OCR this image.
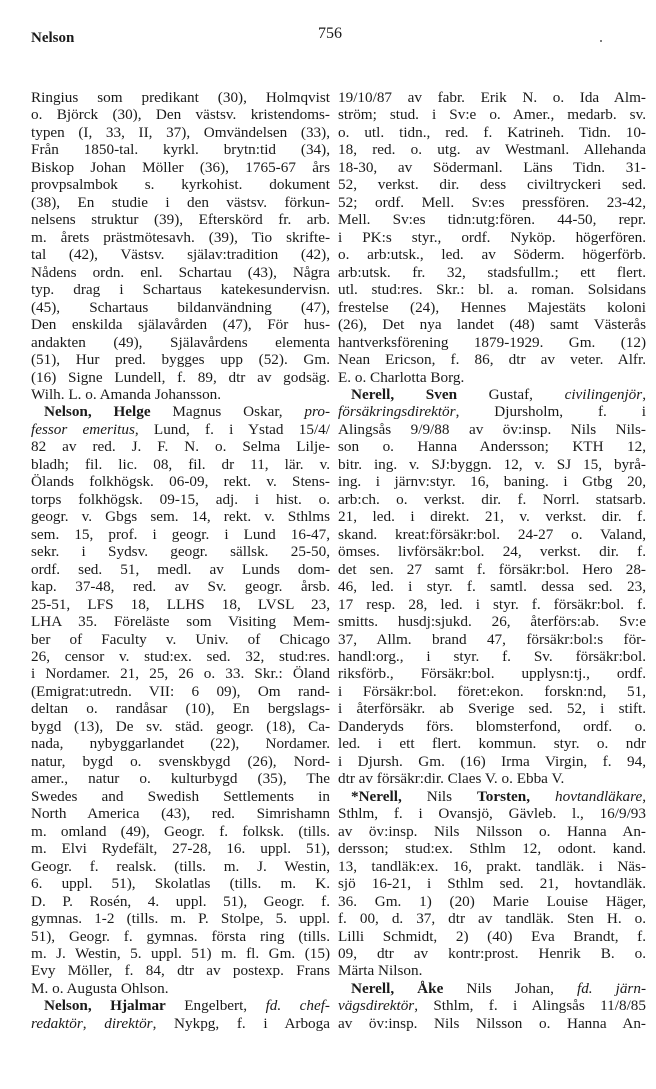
Nelson	756
Ringius som predikant (30), Holmqvist
o. Björck (30), Den västsv. kristendoms-
typen (I, 33, II, 37), Omvändelsen (33),
Från 1850-tal. kyrkl. brytn:tid (34),
Biskop Johan Möller (36), 1765-67 års
provpsalmbok s. kyrkohist. dokument
(38), En studie i den västsv. förkun-
nelsens struktur (39), Efterskörd fr. arb.
m. årets prästmötesavh. (39), Tio skrifte-
tal (42), Västsv. själav:tradition (42),
Nådens ordn. enl. Schartau (43), Några
typ. drag i Schartaus katekesundervisn.
(45), Schartaus bildanvändning (47),
Den enskilda själavården (47), För hus-
andakten (49), Själavårdens elementa
(51), Hur pred. bygges upp (52). Gm.
(16) Signe Lundell, f. 89, dtr av godsäg.
Wilh. L. o. Amanda Johansson.
Nelson, Helge Magnus Oskar, pro-
fessor emeritus, Lund, f. i Ystad 15/4/
82 av red. J. F. N. o. Selma Lilje-
bladh; fil. lic. 08, fil. dr 11, lär. v.
Ölands folkhögsk. 06-09, rekt. v. Stens-
torps folkhögsk. 09-15, adj. i hist. o.
geogr. v. Gbgs sem. 14, rekt. v. Sthlms
sem. 15, prof. i geogr. i Lund 16-47,
sekr. i Sydsv. geogr. sällsk. 25-50,
ordf. sed. 51, medl. av Lunds dom-
kap. 37-48, red. av Sv. geogr. årsb.
25-51, LFS 18, LLHS 18, LVSL 23,
LHA 35. Föreläste som Visiting Mem-
ber of Faculty v. Univ. of Chicago
26, censor v. stud:ex. sed. 32, stud:res.
i Nordamer. 21, 25, 26 o. 33. Skr.: Öland
(Emigrat:utredn. VII: 6 09), Om rand-
deltan o. randåsar (10), En bergslags-
bygd (13), De sv. städ. geogr. (18), Ca-
nada, nybyggarlandet (22), Nordamer.
natur, bygd o. svenskbygd (26), Nord-
amer., natur o. kulturbygd (35), The
Swedes and Swedish Settlements in
North America (43), red. Simrishamn
m. omland (49), Geogr. f. folksk. (tills.
m. Elvi Rydefält, 27-28, 16. uppl. 51),
Geogr. f. realsk. (tills. m. J. Westin,
6. uppl. 51), Skolatlas (tills. m. K.
D. P. Rosén, 4. uppl. 51), Geogr. f.
gymnas. 1-2 (tills. m. P. Stolpe, 5. uppl.
51), Geogr. f. gymnas. första ring (tills.
m. J. Westin, 5. uppl. 51) m. fl. Gm. (15)
Evy Möller, f. 84, dtr av postexp. Frans
M. o. Augusta Ohlson.
Nelson, Hjalmar Engelbert, fd. chef-
redaktör, direktör, Nykpg, f. i Arboga
19/10/87 av fabr. Erik N. o. Ida Alm-
ström; stud. i Sv:e o. Amer., medarb. sv.
o. utl. tidn., red. f. Katrineh. Tidn. 10-
18, red. o. utg. av Westmanl. Allehanda
18-30, av Södermanl. Läns Tidn. 31-
52, verkst. dir. dess civiltryckeri sed.
52; ordf. Mell. Sv:es pressfören. 23-42,
Mell. Sv:es tidn:utg:fören. 44-50, repr.
i PK:s styr., ordf. Nyköp. högerfören.
o. arb:utsk., led. av Söderm. högerförb.
arb:utsk. fr. 32, stadsfullm.; ett flert.
utl. stud:res. Skr.: bl. a. roman. Solsidans
frestelse (24), Hennes Majestäts koloni
(26), Det nya landet (48) samt Västerås
hantverksförening 1879-1929. Gm. (12)
Nean Ericson, f. 86, dtr av veter. Alfr.
E. o. Charlotta Borg.
Nerell, Sven Gustaf, civilingenjör,
försäkringsdirektör, Djursholm, f. i
Alingsås 9/9/88 av öv:insp. Nils Nils-
son o. Hanna Andersson; KTH 12,
bitr. ing. v. SJ:byggn. 12, v. SJ 15, byrå-
ing. i järnv:styr. 16, baning. i Gtbg 20,
arb:ch. o. verkst. dir. f. Norrl. statsarb.
21, led. i direkt. 21, v. verkst. dir. f.
skand. kreat:försäkr:bol. 24-27 o. Valand,
ömses. livförsäkr:bol. 24, verkst. dir. f.
det sen. 27 samt f. försäkr:bol. Hero 28-
46, led. i styr. f. samtl. dessa sed. 23,
17 resp. 28, led. i styr. f. försäkr:bol. f.
smitts. husdj:sjukd. 26, återförs:ab. Sv:e
37, Allm. brand 47, försäkr:bol:s för-
handl:org., i styr. f. Sv. försäkr:bol.
riksförb., Försäkr:bol. upplysn:tj., ordf.
i Försäkr:bol. föret:ekon. forskn:nd, 51,
i återförsäkr. ab Sverige sed. 52, i stift.
Danderyds förs. blomsterfond, ordf. o.
led. i ett flert. kommun. styr. o. ndr
i Djursh. Gm. (16) Irma Virgin, f. 94,
dtr av försäkr:dir. Claes V. o. Ebba V.
*Nerell, Nils Torsten, hovtandläkare,
Sthlm, f. i Ovansjö, Gävleb. l., 16/9/93
av öv:insp. Nils Nilsson o. Hanna An-
dersson; stud:ex. Sthlm 12, odont. kand.
13, tandläk:ex. 16, prakt. tandläk. i Näs-
sjö 16-21, i Sthlm sed. 21, hovtandläk.
36. Gm. 1) (20) Marie Louise Häger,
f. 00, d. 37, dtr av tandläk. Sten H. o.
Lilli Schmidt, 2) (40) Eva Brandt, f.
09, dtr av kontr:prost. Henrik B. o.
Märta Nilson.
Nerell, Åke Nils Johan, fd. järn-
vägsdirektör, Sthlm, f. i Alingsås 11/8/85
av öv:insp. Nils Nilsson o. Hanna An-
